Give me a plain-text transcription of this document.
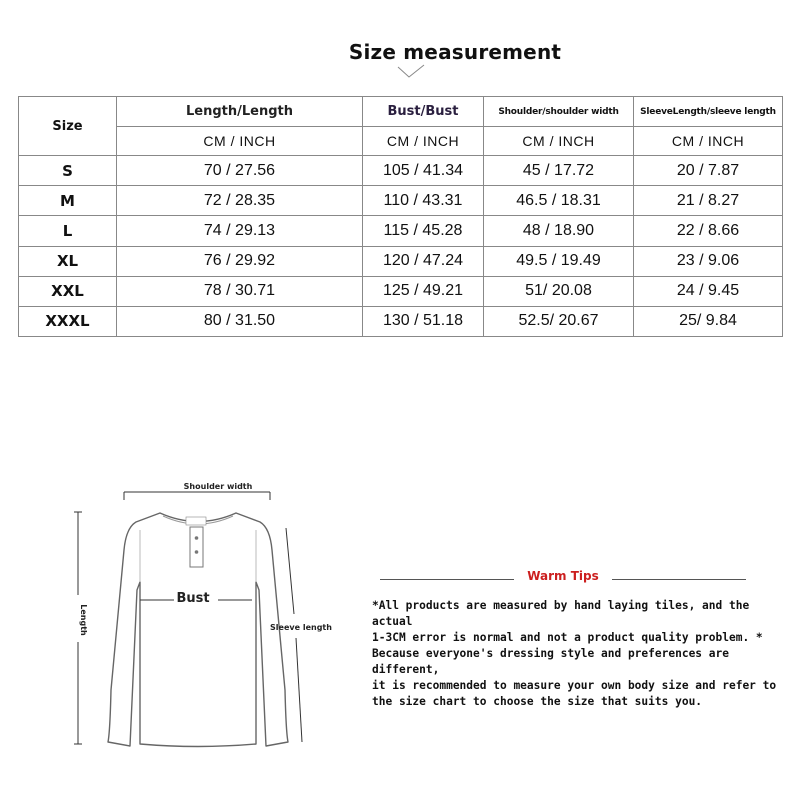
Size measurement
Size	Length/Length	Bust/Bust	Shoulder/shoulder width	SleeveLength/sleeve length
	CM / INCH	CM / INCH	CM / INCH	CM / INCH
S	70 / 27.56	105 / 41.34	45 / 17.72	20 / 7.87
M	72 / 28.35	110 / 43.31	46.5 / 18.31	21 / 8.27
L	74 / 29.13	115 / 45.28	48 / 18.90	22 / 8.66
XL	76 / 29.92	120 / 47.24	49.5 / 19.49	23 / 9.06
XXL	78 / 30.71	125 / 49.21	51/ 20.08	24 / 9.45
XXXL	80 / 31.50	130 / 51.18	52.5/ 20.67	25/ 9.84
Shoulder width
Bust
Length	Sleeve length
Warm Tips
*All products are measured by hand laying tiles, and the actual
1-3CM error is normal and not a product quality problem. *
Because everyone's dressing style and preferences are different,
it is recommended to measure your own body size and refer to
the size chart to choose the size that suits you.
